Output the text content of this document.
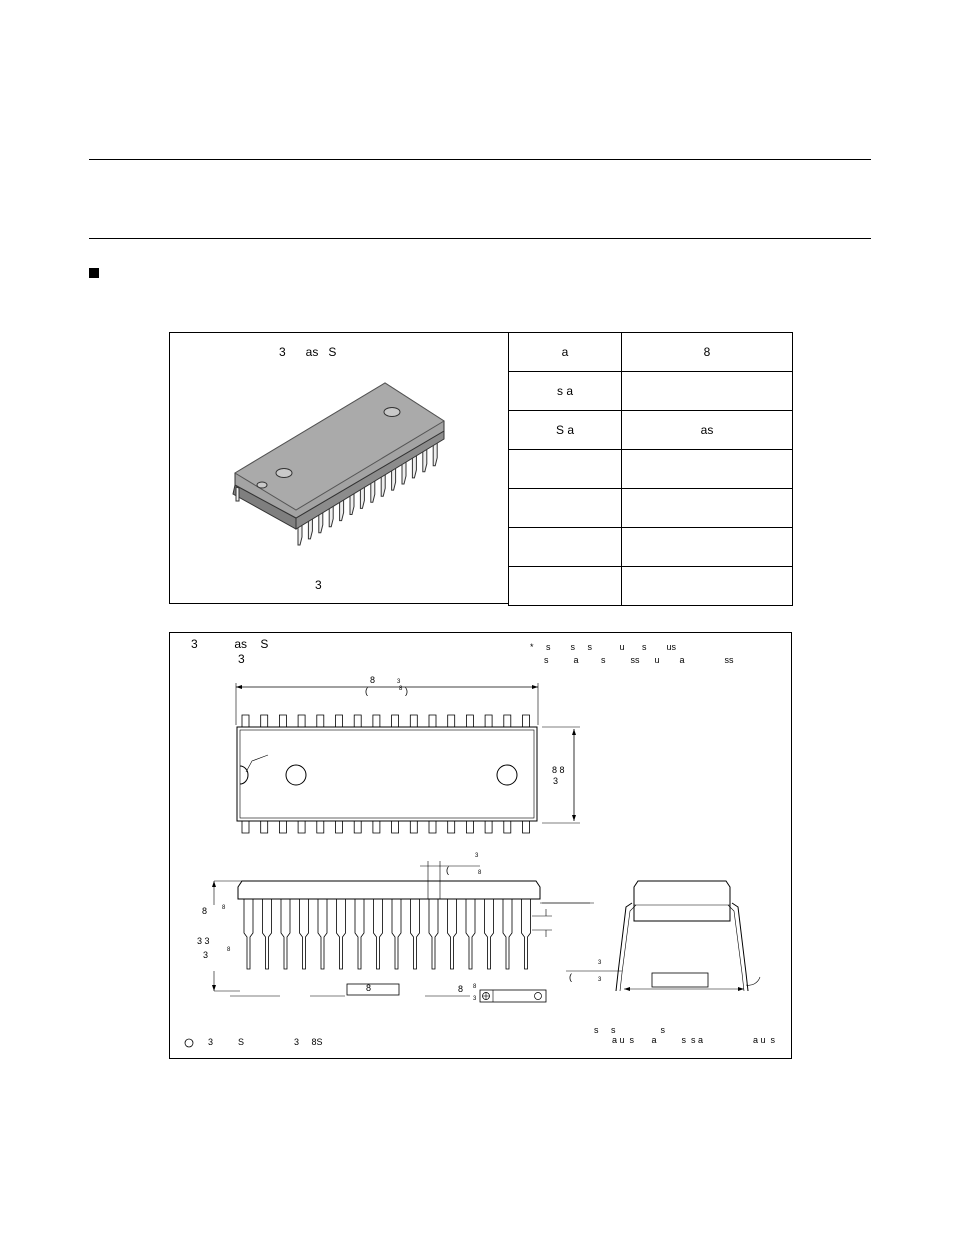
3      as   S
3
a	8
s a	
S a	as

3           as    S
3
*     s        s     s           u       s        us
s          a         s          ss      u        a                ss
8
(
3
8 )
8 8
3
3
(	8
8 8
3 3
3	8
8	8 8
3
3
(	3
3          S                    3     8S
s     s                  s
a u  s       a          s  s a                    a u  s
